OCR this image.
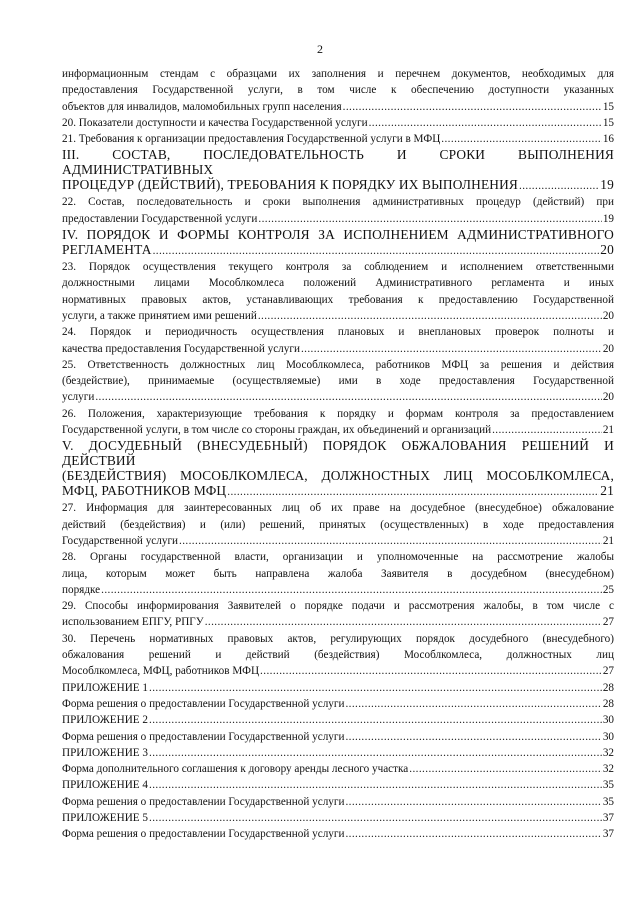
2
информационным стендам с образцами их заполнения и перечнем документов, необходимых для
предоставления Государственной услуги, в том числе к обеспечению доступности указанных
объектов для инвалидов, маломобильных групп населения .....	15
20. Показатели доступности и качества Государственной услуги .....	15
21. Требования к организации предоставления Государственной услуги в МФЦ .....	16
III. СОСТАВ, ПОСЛЕДОВАТЕЛЬНОСТЬ И СРОКИ ВЫПОЛНЕНИЯ АДМИНИСТРАТИВНЫХ
ПРОЦЕДУР (ДЕЙСТВИЙ), ТРЕБОВАНИЯ К ПОРЯДКУ ИХ ВЫПОЛНЕНИЯ .....	19
22. Состав, последовательность и сроки выполнения административных процедур (действий) при
предоставлении Государственной услуги .....	19
IV. ПОРЯДОК И ФОРМЫ КОНТРОЛЯ ЗА ИСПОЛНЕНИЕМ АДМИНИСТРАТИВНОГО
РЕГЛАМЕНТА .....	20
23. Порядок осуществления текущего контроля за соблюдением и исполнением ответственными
должностными лицами Мособлкомлеса положений Административного регламента и иных
нормативных правовых актов, устанавливающих требования к предоставлению Государственной
услуги, а также принятием ими решений .....	20
24. Порядок и периодичность осуществления плановых и внеплановых проверок полноты и
качества предоставления Государственной услуги .....	20
25. Ответственность должностных лиц Мособлкомлеса, работников МФЦ за решения и действия
(бездействие), принимаемые (осуществляемые) ими в ходе предоставления Государственной
услуги .....	20
26. Положения, характеризующие требования к порядку и формам контроля за предоставлением
Государственной услуги, в том числе со стороны граждан, их объединений и организаций .....	21
V. ДОСУДЕБНЫЙ (ВНЕСУДЕБНЫЙ) ПОРЯДОК ОБЖАЛОВАНИЯ РЕШЕНИЙ И ДЕЙСТВИЙ
(БЕЗДЕЙСТВИЯ) МОСОБЛКОМЛЕСА, ДОЛЖНОСТНЫХ ЛИЦ МОСОБЛКОМЛЕСА,
МФЦ, РАБОТНИКОВ МФЦ .....	21
27. Информация для заинтересованных лиц об их праве на досудебное (внесудебное) обжалование
действий (бездействия) и (или) решений, принятых (осуществленных) в ходе предоставления
Государственной услуги .....	21
28. Органы государственной власти, организации и уполномоченные на рассмотрение жалобы
лица, которым может быть направлена жалоба Заявителя в досудебном (внесудебном)
порядке .....	25
29. Способы информирования Заявителей о порядке подачи и рассмотрения жалобы, в том числе с
использованием ЕПГУ, РПГУ .....	27
30. Перечень нормативных правовых актов, регулирующих порядок досудебного (внесудебного)
обжалования решений и действий (бездействия) Мособлкомлеса, должностных лиц
Мособлкомлеса, МФЦ, работников МФЦ .....	27
ПРИЛОЖЕНИЕ 1 .....	28
Форма решения о предоставлении Государственной услуги .....	28
ПРИЛОЖЕНИЕ 2 .....	30
Форма решения о предоставлении Государственной услуги .....	30
ПРИЛОЖЕНИЕ 3 .....	32
Форма дополнительного соглашения к договору аренды лесного участка .....	32
ПРИЛОЖЕНИЕ 4 .....	35
Форма решения о предоставлении Государственной услуги .....	35
ПРИЛОЖЕНИЕ 5 .....	37
Форма решения о предоставлении Государственной услуги .....	37
